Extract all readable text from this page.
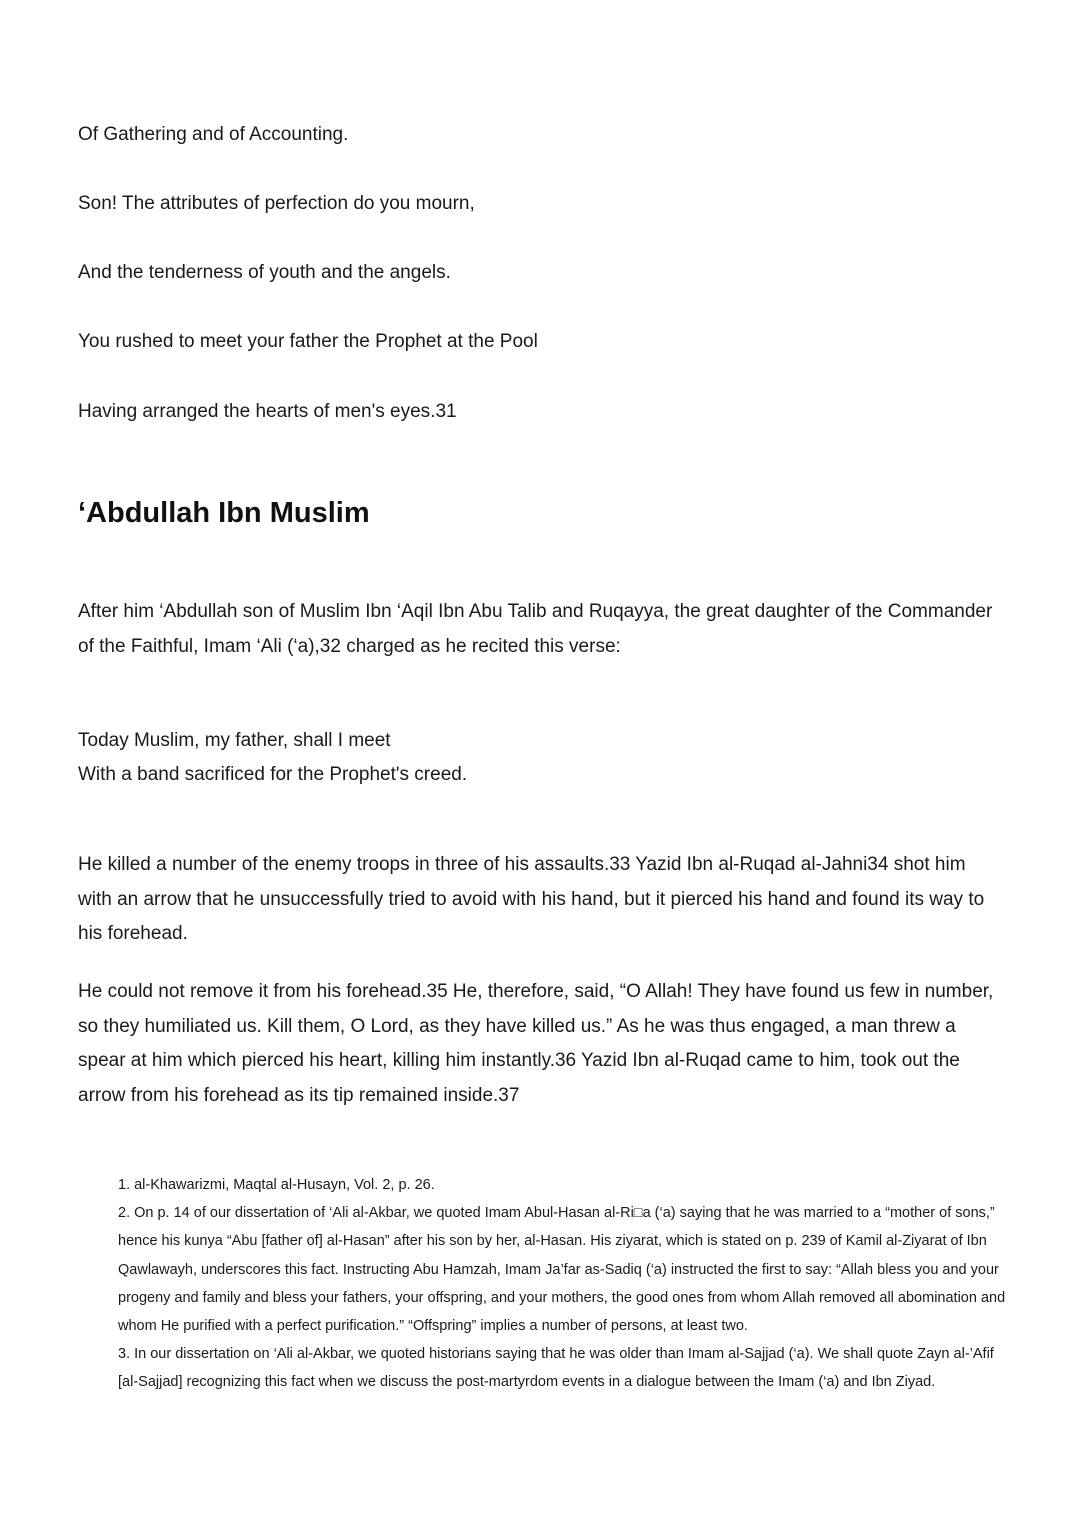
Of Gathering and of Accounting.
Son! The attributes of perfection do you mourn,
And the tenderness of youth and the angels.
You rushed to meet your father the Prophet at the Pool
Having arranged the hearts of men's eyes.31
‘Abdullah Ibn Muslim

After him ‘Abdullah son of Muslim Ibn ‘Aqil Ibn Abu Talib and Ruqayya, the great daughter of the Commander of the Faithful, Imam ‘Ali (‘a),32 charged as he recited this verse:

Today Muslim, my father, shall I meet
With a band sacrificed for the Prophet's creed.

He killed a number of the enemy troops in three of his assaults.33 Yazid Ibn al-Ruqad al-Jahni34 shot him with an arrow that he unsuccessfully tried to avoid with his hand, but it pierced his hand and found its way to his forehead.

He could not remove it from his forehead.35 He, therefore, said, “O Allah! They have found us few in number, so they humiliated us. Kill them, O Lord, as they have killed us.” As he was thus engaged, a man threw a spear at him which pierced his heart, killing him instantly.36 Yazid Ibn al-Ruqad came to him, took out the arrow from his forehead as its tip remained inside.37

1. al-Khawarizmi, Maqtal al-Husayn, Vol. 2, p. 26.
2. On p. 14 of our dissertation of ‘Ali al-Akbar, we quoted Imam Abul-Hasan al-Ri□a (‘a) saying that he was married to a “mother of sons,” hence his kunya “Abu [father of] al-Hasan” after his son by her, al-Hasan. His ziyarat, which is stated on p. 239 of Kamil al-Ziyarat of Ibn Qawlawayh, underscores this fact. Instructing Abu Hamzah, Imam Ja’far as-Sadiq (‘a) instructed the first to say: “Allah bless you and your progeny and family and bless your fathers, your offspring, and your mothers, the good ones from whom Allah removed all abomination and whom He purified with a perfect purification.” “Offspring” implies a number of persons, at least two.
3. In our dissertation on ‘Ali al-Akbar, we quoted historians saying that he was older than Imam al-Sajjad (‘a). We shall quote Zayn al-’Afif [al-Sajjad] recognizing this fact when we discuss the post-martyrdom events in a dialogue between the Imam (‘a) and Ibn Ziyad.
